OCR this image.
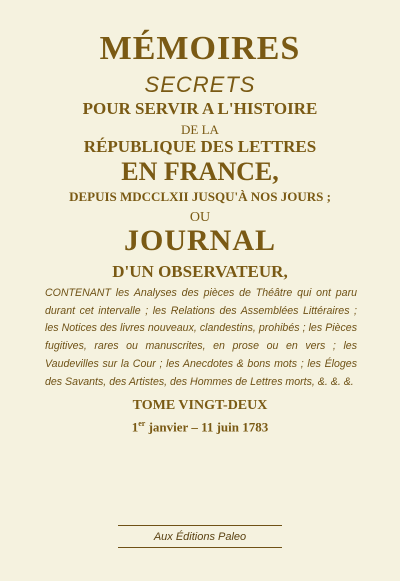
MÉMOIRES
SECRETS
POUR SERVIR A L'HISTOIRE
DE LA
RÉPUBLIQUE DES LETTRES
EN FRANCE,
DEPUIS MDCCLXII JUSQU'À NOS JOURS ;
OU
JOURNAL
D'UN OBSERVATEUR,
CONTENANT les Analyses des pièces de Théâtre qui ont paru durant cet intervalle ; les Relations des Assemblées Littéraires ; les Notices des livres nouveaux, clandestins, prohibés ; les Pièces fugitives, rares ou manuscrites, en prose ou en vers ; les Vaudevilles sur la Cour ; les Anecdotes & bons mots ; les Éloges des Savants, des Artistes, des Hommes de Lettres morts, &. &. &.
TOME VINGT-DEUX
1er janvier – 11 juin 1783
Aux Éditions Paleo
